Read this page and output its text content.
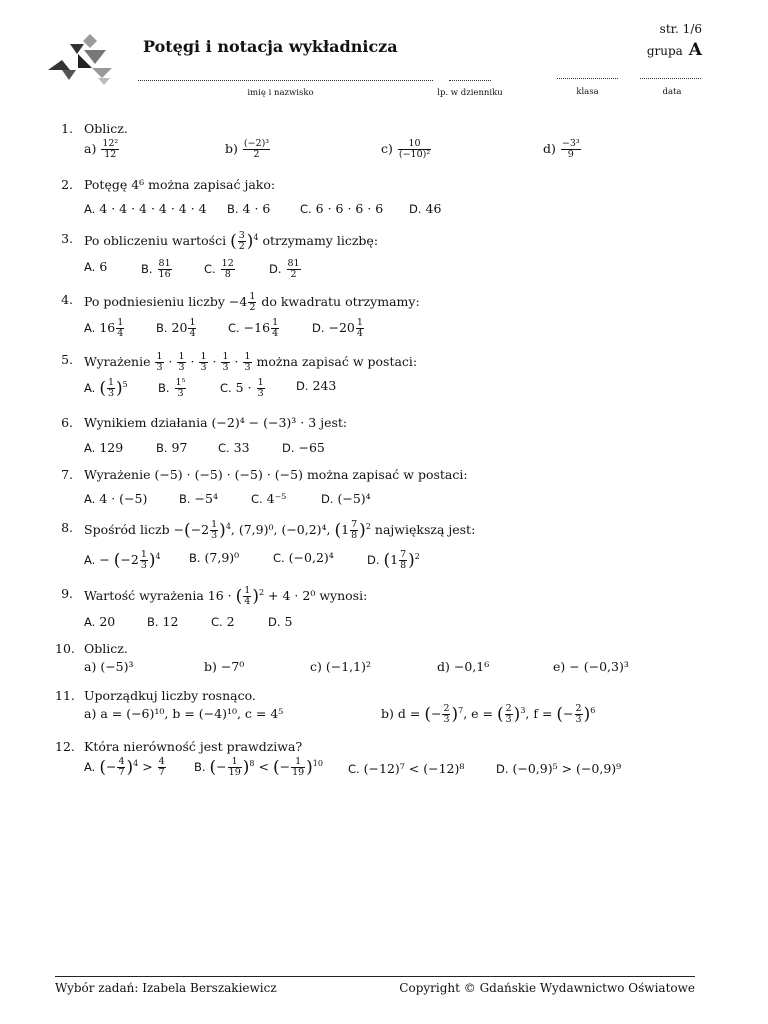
Potęgi i notacja wykładnicza
str. 1/6
grupa A
imię i nazwisko	lp. w dzienniku	klasa	data
1. Oblicz.
$a) \frac{\text{12²}}{12}$	$b) \frac{\text{(−2)³}}{2}$	$c) \frac{10}{\text{(−10)²}}$	$d) \frac{\text{−3³}}{9}$
2. Potęgę 4⁶ można zapisać jako:
A. 4 · 4 · 4 · 4 · 4 · 4 B. 4 · 6	C. 6 · 6 · 6 · 6 D. 46
3. Po obliczeniu wartości ( $\frac{3}{2} )^4$ otrzymamy liczbę:
A. 6	B. $\frac{81}{16}$	C. $\frac{12}{8}$	D. $\frac{81}{2}$
4. Po podniesieniu liczby $-4 \frac{1}{2}$ do kwadratu otrzymamy:
A. $16 \frac{1}{4}$	B. $20 \frac{1}{4}$	C. $-16 \frac{1}{4}$	D. $-20 \frac{1}{4}$
5. Wyrażenie $\frac{1}{3} \cdot \frac{1}{3} \cdot \frac{1}{3} \cdot \frac{1}{3} \cdot \frac{1}{3}$ można zapisać w postaci:
A. ( $\frac{1}{3} )^5$	B. $\frac{\text{1⁵}}{3}$	C. $5 \cdot \frac{1}{3}$	D. 243
6. Wynikiem działania (−2)⁴ − (−3)³ · 3 jest:
A. 129	B. 97	C. 33	D. −65
7. Wyrażenie (−5) · (−5) · (−5) · (−5) można zapisać w postaci:
A. 4 · (−5)	B. −5⁴	C. 4⁻⁵	D. (−5)⁴
8. Spośród liczb $-(-2 \frac{1}{3} )^4$, (7,9)⁰, (−0,2)⁴, $(1 \frac{7}{8} )^2$ największą jest:
A. − $(-2 \frac{1}{3} )^4$ B. (7,9)⁰	C. (−0,2)⁴	D. $(1 \frac{7}{8} )^2$
9. Wartość wyrażenia 16 · ( $\frac{1}{4} )^2 + 4 \cdot 2^0$ wynosi:
A. 20	B. 12	C. 2	D. 5
10. Oblicz.
a) (−5)³	b) −7⁰	c) (−1,1)²	d) −0,1⁶	e) − (−0,3)³
11. Uporządkuj liczby rosnąco.
a) a = (−6)¹⁰, b = (−4)¹⁰, c = 4⁵	b) d = (− $\frac{2}{3} )^7$, e = ( $\frac{2}{3} )^3$, f = (− $\frac{2}{3} )^6$
12. Która nierówność jest prawdziwa?
A. (− $\frac{4}{7} )^4 > \frac{4}{7} B$. (− $\frac{1}{19} )^8$ < (− $\frac{1}{19} )^{10}$ C. (−12)⁷ < (−12)⁸	D. (−0,9)⁵ > (−0,9)⁹
Wybór zadań: Izabela Berszakiewicz	Copyright © Gdańskie Wydawnictwo Oświatowe
